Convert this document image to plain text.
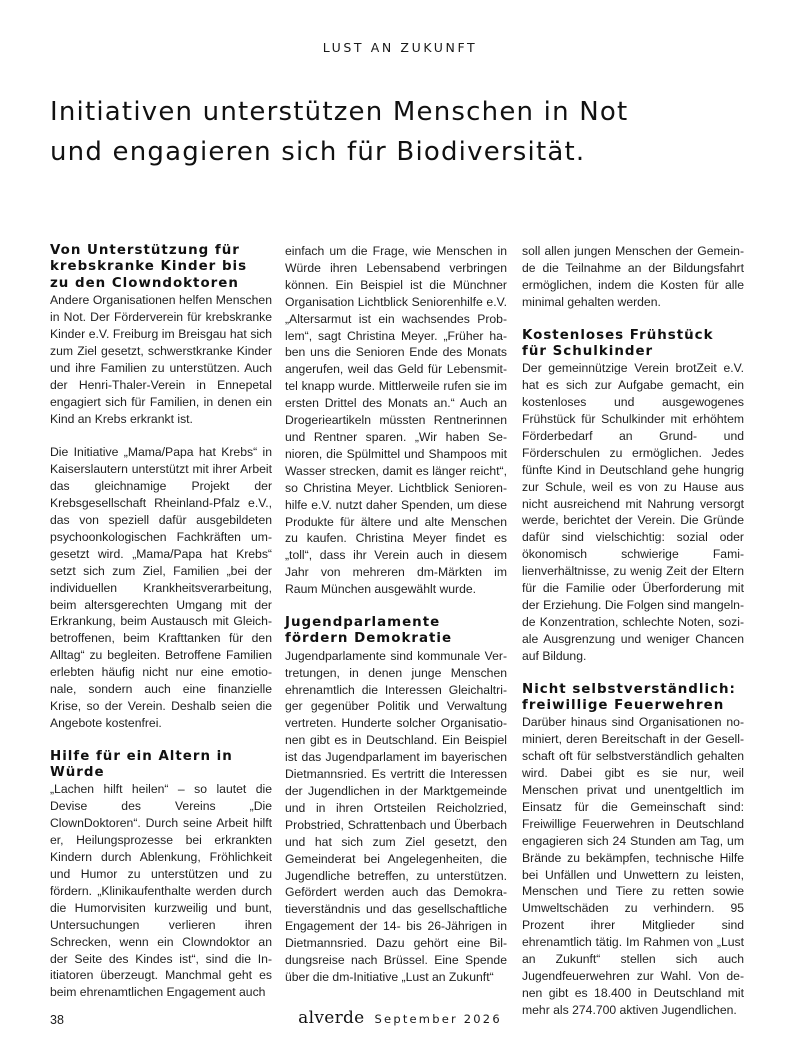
LUST AN ZUKUNFT
Initiativen unterstützen Menschen in Not
und engagieren sich für Biodiversität.
Von Unterstützung für krebskranke Kinder bis zu den Clowndoktoren

Andere Organisationen helfen Menschen in Not. Der Förderverein für krebskranke Kinder e.V. Freiburg im Breisgau hat sich zum Ziel gesetzt, schwerstkranke Kinder und ihre Familien zu unterstützen. Auch der Henri-Thaler-Verein in Ennepetal engagiert sich für Familien, in denen ein Kind an Krebs erkrankt ist.

Die Initiative „Mama/Papa hat Krebs“ in Kaiserslautern unterstützt mit ihrer Arbeit das gleichnamige Projekt der Krebsgesellschaft Rheinland-Pfalz e.V., das von speziell dafür ausgebildeten psychoonkologischen Fachkräften umgesetzt wird. „Mama/Papa hat Krebs“ setzt sich zum Ziel, Familien „bei der individuellen Krankheitsverarbeitung, beim altersgerechten Umgang mit der Erkrankung, beim Austausch mit Gleichbetroffenen, beim Krafttanken für den Alltag“ zu begleiten. Betroffene Familien erlebten häufig nicht nur eine emotionale, sondern auch eine finanzielle Krise, so der Verein. Deshalb seien die Angebote kostenfrei.

Hilfe für ein Altern in Würde

„Lachen hilft heilen“ – so lautet die Devise des Vereins „Die ClownDoktoren“. Durch seine Arbeit hilft er, Heilungsprozesse bei erkrankten Kindern durch Ablenkung, Fröhlichkeit und Humor zu unterstützen und zu fördern. „Klinikaufenthalte werden durch die Humorvisiten kurzweilig und bunt, Untersuchungen verlieren ihren Schrecken, wenn ein Clowndoktor an der Seite des Kindes ist“, sind die Initiatoren überzeugt. Manchmal geht es beim ehrenamtlichen Engagement auch

einfach um die Frage, wie Menschen in Würde ihren Lebensabend verbringen können. Ein Beispiel ist die Münchner Organisation Lichtblick Seniorenhilfe e.V. „Altersarmut ist ein wachsendes Problem“, sagt Christina Meyer. „Früher haben uns die Senioren Ende des Monats angerufen, weil das Geld für Lebensmittel knapp wurde. Mittlerweile rufen sie im ersten Drittel des Monats an.“ Auch an Drogerieartikeln müssten Rentnerinnen und Rentner sparen. „Wir haben Senioren, die Spülmittel und Shampoos mit Wasser strecken, damit es länger reicht“, so Christina Meyer. Lichtblick Seniorenhilfe e.V. nutzt daher Spenden, um diese Produkte für ältere und alte Menschen zu kaufen. Christina Meyer findet es „toll“, dass ihr Verein auch in diesem Jahr von mehreren dm-Märkten im Raum München ausgewählt wurde.

Jugendparlamente fördern Demokratie

Jugendparlamente sind kommunale Vertretungen, in denen junge Menschen ehrenamtlich die Interessen Gleichaltriger gegenüber Politik und Verwaltung vertreten. Hunderte solcher Organisationen gibt es in Deutschland. Ein Beispiel ist das Jugendparlament im bayerischen Dietmannsried. Es vertritt die Interessen der Jugendlichen in der Marktgemeinde und in ihren Ortsteilen Reicholzried, Probstried, Schrattenbach und Überbach und hat sich zum Ziel gesetzt, den Gemeinderat bei Angelegenheiten, die Jugendliche betreffen, zu unterstützen. Gefördert werden auch das Demokratieverständnis und das gesellschaftliche Engagement der 14- bis 26-Jährigen in Dietmannsried. Dazu gehört eine Bildungsreise nach Brüssel. Eine Spende über die dm-Initiative „Lust an Zukunft“

soll allen jungen Menschen der Gemeinde die Teilnahme an der Bildungsfahrt ermöglichen, indem die Kosten für alle minimal gehalten werden.

Kostenloses Frühstück für Schulkinder

Der gemeinnützige Verein brotZeit e.V. hat es sich zur Aufgabe gemacht, ein kostenloses und ausgewogenes Frühstück für Schulkinder mit erhöhtem Förderbedarf an Grund- und Förderschulen zu ermöglichen. Jedes fünfte Kind in Deutschland gehe hungrig zur Schule, weil es von zu Hause aus nicht ausreichend mit Nahrung versorgt werde, berichtet der Verein. Die Gründe dafür sind vielschichtig: sozial oder ökonomisch schwierige Familienverhältnisse, zu wenig Zeit der Eltern für die Familie oder Überforderung mit der Erziehung. Die Folgen sind mangelnde Konzentration, schlechte Noten, soziale Ausgrenzung und weniger Chancen auf Bildung.

Nicht selbstverständlich: freiwillige Feuerwehren

Darüber hinaus sind Organisationen nominiert, deren Bereitschaft in der Gesellschaft oft für selbstverständlich gehalten wird. Dabei gibt es sie nur, weil Menschen privat und unentgeltlich im Einsatz für die Gemeinschaft sind: Freiwillige Feuerwehren in Deutschland engagieren sich 24 Stunden am Tag, um Brände zu bekämpfen, technische Hilfe bei Unfällen und Unwettern zu leisten, Menschen und Tiere zu retten sowie Umweltschäden zu verhindern. 95 Prozent ihrer Mitglieder sind ehrenamtlich tätig. Im Rahmen von „Lust an Zukunft“ stellen sich auch Jugendfeuerwehren zur Wahl. Von denen gibt es 18.400 in Deutschland mit mehr als 274.700 aktiven Jugendlichen.

38	alverde September 2026
